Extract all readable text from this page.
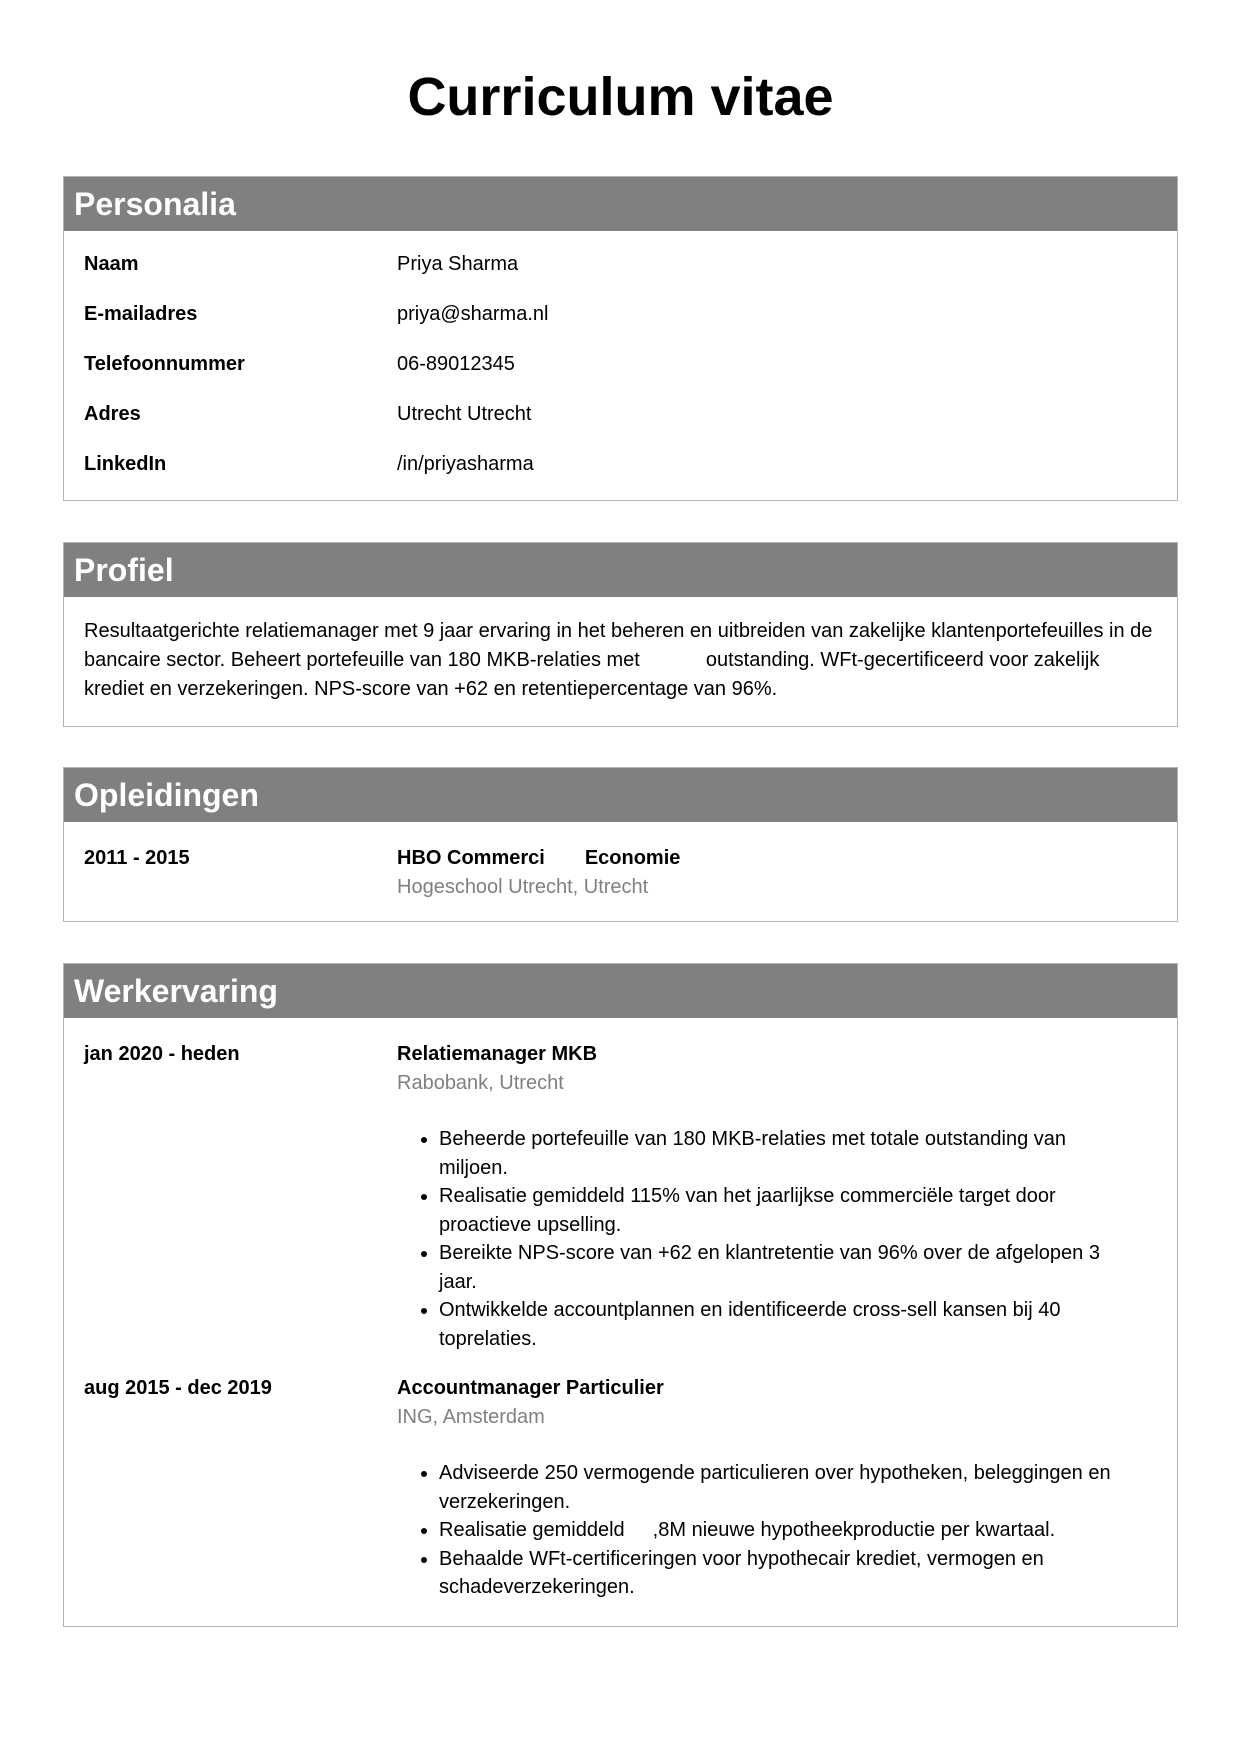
Curriculum vitae
Personalia
Naam	Priya Sharma
E-mailadres	priya@sharma.nl
Telefoonnummer	06-89012345
Adres	Utrecht Utrecht
LinkedIn	/in/priyasharma
Profiel
Resultaatgerichte relatiemanager met 9 jaar ervaring in het beheren en uitbreiden van zakelijke klantenportefeuilles in de bancaire sector. Beheert portefeuille van 180 MKB-relaties met	outstanding. WFt-gecertificeerd voor zakelijk krediet en verzekeringen. NPS-score van +62 en retentiepercentage van 96%.
Opleidingen
2011 - 2015	HBO Commerci Economie
Hogeschool Utrecht, Utrecht
Werkervaring
jan 2020 - heden	Relatiemanager MKB
Rabobank, Utrecht
• Beheerde portefeuille van 180 MKB-relaties met totale outstanding van miljoen.
• Realisatie gemiddeld 115% van het jaarlijkse commerciële target door proactieve upselling.
• Bereikte NPS-score van +62 en klantretentie van 96% over de afgelopen 3 jaar.
• Ontwikkelde accountplannen en identificeerde cross-sell kansen bij 40 toprelaties.
aug 2015 - dec 2019	Accountmanager Particulier
ING, Amsterdam
• Adviseerde 250 vermogende particulieren over hypotheken, beleggingen en verzekeringen.
• Realisatie gemiddeld ,8M nieuwe hypotheekproductie per kwartaal.
• Behaalde WFt-certificeringen voor hypothecair krediet, vermogen en schadeverzekeringen.
